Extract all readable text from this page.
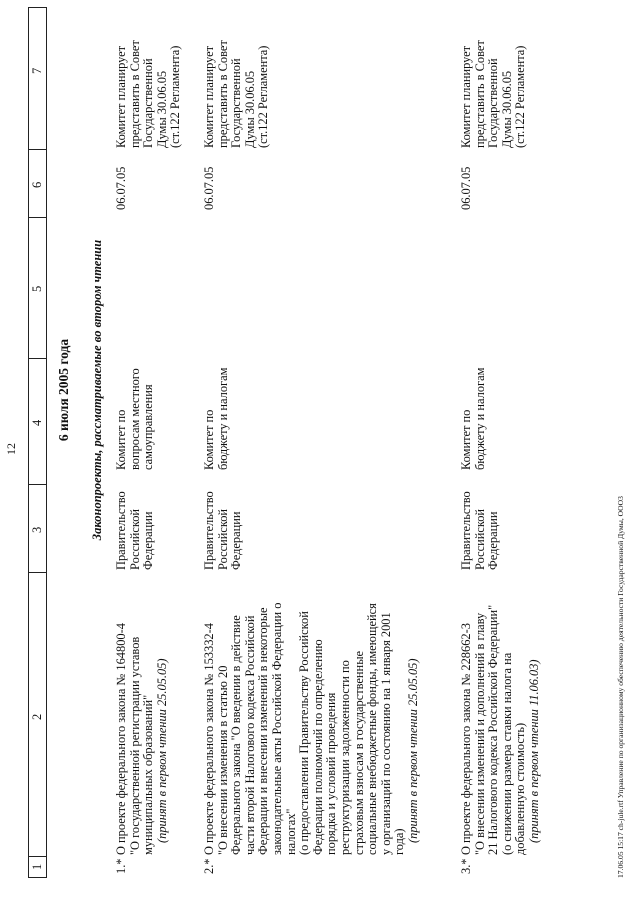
12
1
2
3
4
5
6
7
6 июля 2005 года Законопроекты, рассматриваемые во втором чтении
1.*
О проекте федерального закона № 164800-4 "О государственной регистрации уставов муниципальных образований" (принят в первом чтении 25.05.05)
Правительство Российской Федерации
Комитет по вопросам местного самоуправления
06.07.05
Комитет планирует представить в Совет Государственной Думы 30.06.05 (ст.122 Регламента)
2.*
О проекте федерального закона № 153332-4 "О внесении изменения в статью 20 Федерального закона "О введении в действие части второй Налогового кодекса Российской Федерации и внесении изменений в некоторые законодательные акты Российской Федерации о налогах" (о предоставлении Правительству Российской Федерации полномочий по определению порядка и условий проведения реструктуризации задолженности по страховым взносам в государственные социальные внебюджетные фонды, имеющейся у организаций по состоянию на 1 января 2001 года) (принят в первом чтении 25.05.05)
Правительство Российской Федерации
Комитет по бюджету и налогам
06.07.05
Комитет планирует представить в Совет Государственной Думы 30.06.05 (ст.122 Регламента)
3.*
О проекте федерального закона № 228662-3 "О внесении изменений и дополнений в главу 21 Налогового кодекса Российской Федерации" (о снижении размера ставки налога на добавленную стоимость) (принят в первом чтении 11.06.03)
Правительство Российской Федерации
Комитет по бюджету и налогам
06.07.05
Комитет планирует представить в Совет Государственной Думы 30.06.05 (ст.122 Регламента)
17.06.05 15:17 ch-jule.rtf Управление по организационному обеспечению деятельности Государственной Думы, ООО3
